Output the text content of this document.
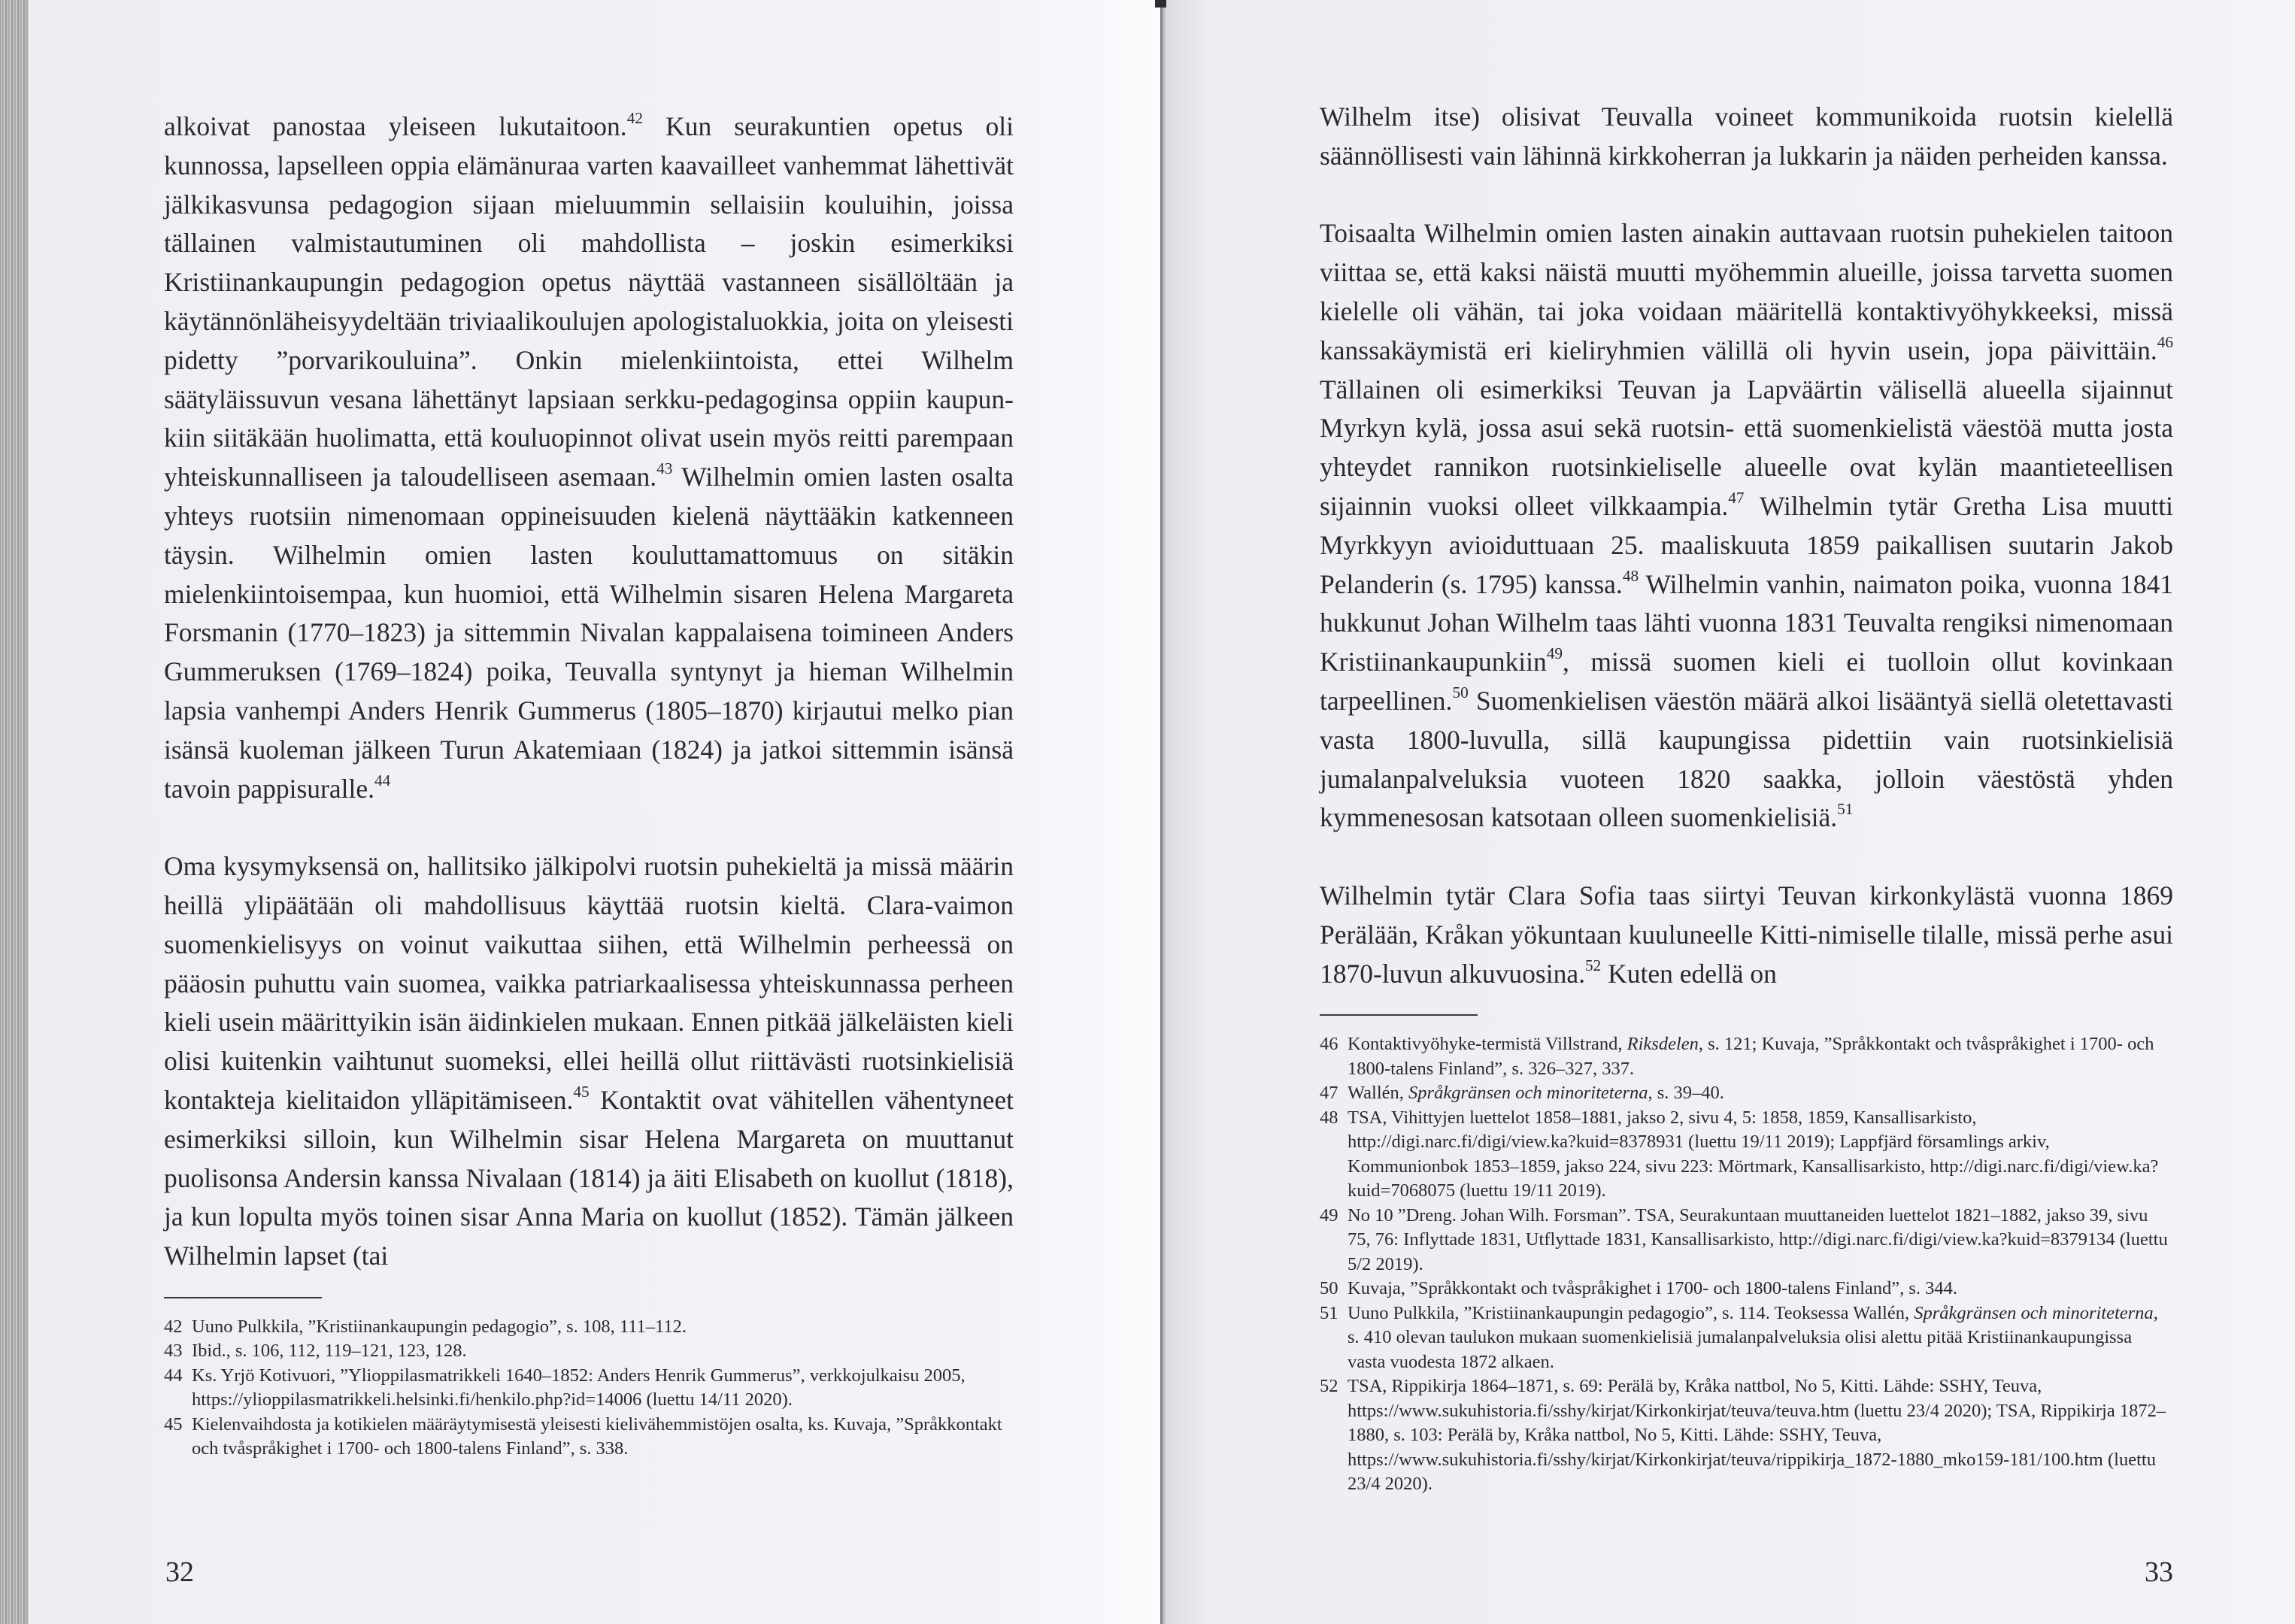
alkoivat panostaa yleiseen lukutaitoon.$^{42}$ Kun seurakuntien opetus oli kunnossa, lapselleen oppia elämänuraa varten kaavailleet vanhemmat lähettivät jälkikasvunsa pedagogion sijaan mieluummin sellaisiin kouluihin, joissa tällainen valmistautuminen oli mahdollista – joskin esimerkiksi Kristiinankaupungin pedagogion opetus näyttää vastanneen sisällöltään ja käytännönläheisyydeltään triviaalikoulujen apologistaluokkia, joita on yleisesti pidetty ”porvarikouluina”. Onkin mielenkiintoista, ettei Wilhelm säätyläissuvun vesana lähettänyt lapsiaan serkku-pedagoginsa oppiin kaupunkiin siitäkään huolimatta, että kouluopinnot olivat usein myös reitti parempaan yhteiskunnalliseen ja taloudelliseen asemaan.$^{43}$ Wilhelmin omien lasten osalta yhteys ruotsiin nimenomaan oppineisuuden kielenä näyttääkin katkenneen täysin. Wilhelmin omien lasten kouluttamattomuus on sitäkin mielenkiintoisempaa, kun huomioi, että Wilhelmin sisaren Helena Margareta Forsmanin (1770–1823) ja sittemmin Nivalan kappalaisena toimineen Anders Gummeruksen (1769–1824) poika, Teuvalla syntynyt ja hieman Wilhelmin lapsia vanhempi Anders Henrik Gummerus (1805–1870) kirjautui melko pian isänsä kuoleman jälkeen Turun Akatemiaan (1824) ja jatkoi sittemmin isänsä tavoin pappisuralle.$^{44}$

Oma kysymyksensä on, hallitsiko jälkipolvi ruotsin puhekieltä ja missä määrin heillä ylipäätään oli mahdollisuus käyttää ruotsin kieltä. Clara-vaimon suomenkielisyys on voinut vaikuttaa siihen, että Wilhelmin perheessä on pääosin puhuttu vain suomea, vaikka patriarkaalisessa yhteiskunnassa perheen kieli usein määrittyikin isän äidinkielen mukaan. Ennen pitkää jälkeläisten kieli olisi kuitenkin vaihtunut suomeksi, ellei heillä ollut riittävästi ruotsinkielisiä kontakteja kielitaidon ylläpitämiseen.$^{45}$ Kontaktit ovat vähitellen vähentyneet esimerkiksi silloin, kun Wilhelmin sisar Helena Margareta on muuttanut puolisonsa Andersin kanssa Nivalaan (1814) ja äiti Elisabeth on kuollut (1818), ja kun lopulta myös toinen sisar Anna Maria on kuollut (1852). Tämän jälkeen Wilhelmin lapset (tai

42 Uuno Pulkkila, ”Kristiinankaupungin pedagogio”, s. 108, 111–112.
43 Ibid., s. 106, 112, 119–121, 123, 128.
44 Ks. Yrjö Kotivuori, ”Ylioppilasmatrikkeli 1640–1852: Anders Henrik Gummerus”, verkkojulkaisu 2005, https://ylioppilasmatrikkeli.helsinki.fi/henkilo.php?id=14006 (luettu 14/11 2020).
45 Kielenvaihdosta ja kotikielen määräytymisestä yleisesti kielivähemmistöjen osalta, ks. Kuvaja, ”Språkkontakt och tvåspråkighet i 1700- och 1800-talens Finland”, s. 338.
32

Wilhelm itse) olisivat Teuvalla voineet kommunikoida ruotsin kielellä säännöllisesti vain lähinnä kirkkoherran ja lukkarin ja näiden perheiden kanssa.

Toisaalta Wilhelmin omien lasten ainakin auttavaan ruotsin puhekielen taitoon viittaa se, että kaksi näistä muutti myöhemmin alueille, joissa tarvetta suomen kielelle oli vähän, tai joka voidaan määritellä kontaktivyöhykkeeksi, missä kanssakäymistä eri kieliryhmien välillä oli hyvin usein, jopa päivittäin.$^{46}$ Tällainen oli esimerkiksi Teuvan ja Lapväärtin välisellä alueella sijainnut Myrkyn kylä, jossa asui sekä ruotsin- että suomenkielistä väestöä mutta josta yhteydet rannikon ruotsinkieliselle alueelle ovat kylän maantieteellisen sijainnin vuoksi olleet vilkkaampia.$^{47}$ Wilhelmin tytär Gretha Lisa muutti Myrkkyyn avioiduttuaan 25. maaliskuuta 1859 paikallisen suutarin Jakob Pelanderin (s. 1795) kanssa.$^{48}$ Wilhelmin vanhin, naimaton poika, vuonna 1841 hukkunut Johan Wilhelm taas lähti vuonna 1831 Teuvalta rengiksi nimenomaan Kristiinankaupunkiin$^{49}$, missä suomen kieli ei tuolloin ollut kovinkaan tarpeellinen.$^{50}$ Suomenkielisen väestön määrä alkoi lisääntyä siellä oletettavasti vasta 1800-luvulla, sillä kaupungissa pidettiin vain ruotsinkielisiä jumalanpalveluksia vuoteen 1820 saakka, jolloin väestöstä yhden kymmenesosan katsotaan olleen suomenkielisiä.$^{51}$

Wilhelmin tytär Clara Sofia taas siirtyi Teuvan kirkonkylästä vuonna 1869 Perälään, Kråkan yökuntaan kuuluneelle Kitti-nimiselle tilalle, missä perhe asui 1870-luvun alkuvuosina.$^{52}$ Kuten edellä on

46 Kontaktivyöhyke-termistä Villstrand, Riksdelen, s. 121; Kuvaja, ”Språkkontakt och tvåspråkighet i 1700- och 1800-talens Finland”, s. 326–327, 337.
47 Wallén, Språkgränsen och minoriteterna, s. 39–40.
48 TSA, Vihittyjen luettelot 1858–1881, jakso 2, sivu 4, 5: 1858, 1859, Kansallisarkisto, http://digi.narc.fi/digi/view.ka?kuid=8378931 (luettu 19/11 2019); Lappfjärd församlings arkiv, Kommunionbok 1853–1859, jakso 224, sivu 223: Mörtmark, Kansallisarkisto, http://digi.narc.fi/digi/view.ka?kuid=7068075 (luettu 19/11 2019).
49 No 10 ”Dreng. Johan Wilh. Forsman”. TSA, Seurakuntaan muuttaneiden luettelot 1821–1882, jakso 39, sivu 75, 76: Inflyttade 1831, Utflyttade 1831, Kansallisarkisto, http://digi.narc.fi/digi/view.ka?kuid=8379134 (luettu 5/2 2019).
50 Kuvaja, ”Språkkontakt och tvåspråkighet i 1700- och 1800-talens Finland”, s. 344.
51 Uuno Pulkkila, ”Kristiinankaupungin pedagogio”, s. 114. Teoksessa Wallén, Språkgränsen och minoriteterna, s. 410 olevan taulukon mukaan suomenkielisiä jumalanpalveluksia olisi alettu pitää Kristiinankaupungissa vasta vuodesta 1872 alkaen.
52 TSA, Rippikirja 1864–1871, s. 69: Perälä by, Kråka nattbol, No 5, Kitti. Lähde: SSHY, Teuva, https://www.sukuhistoria.fi/sshy/kirjat/Kirkonkirjat/teuva/teuva.htm (luettu 23/4 2020); TSA, Rippikirja 1872–1880, s. 103: Perälä by, Kråka nattbol, No 5, Kitti. Lähde: SSHY, Teuva, https://www.sukuhistoria.fi/sshy/kirjat/Kirkonkirjat/teuva/rippikirja_1872-1880_mko159-181/100.htm (luettu 23/4 2020).
33
